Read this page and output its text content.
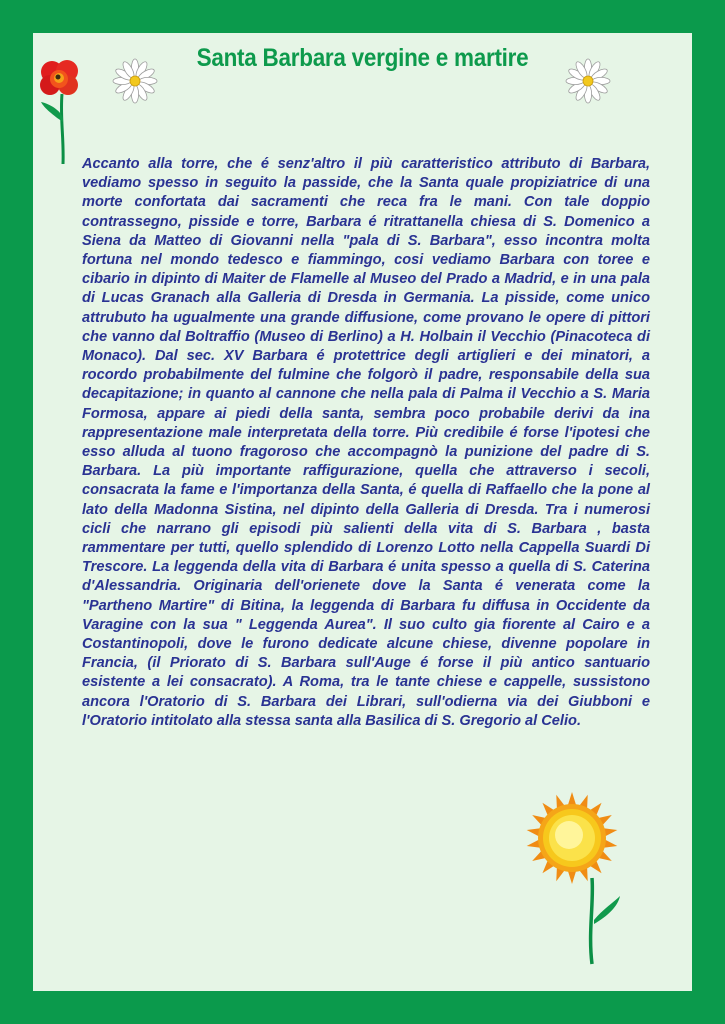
Santa Barbara vergine e martire

Accanto alla torre, che é senz'altro il più caratteristico attributo di Barbara, vediamo spesso in seguito la passide, che la Santa quale propiziatrice di una morte confortata dai sacramenti che reca fra le mani. Con tale doppio contrassegno, pisside e torre, Barbara é ritrattanella chiesa di S. Domenico a Siena da Matteo di Giovanni nella "pala di S. Barbara", esso incontra molta fortuna nel mondo tedesco e fiammingo, cosi vediamo Barbara con toree e cibario in dipinto di Maiter de Flamelle al Museo del Prado a Madrid, e in una pala di Lucas Granach alla Galleria di Dresda in Germania. La pisside, come unico attrubuto ha ugualmente una grande diffusione, come provano le opere di pittori che vanno dal Boltraffio (Museo di Berlino) a H. Holbain il Vecchio (Pinacoteca di Monaco). Dal sec. XV Barbara é protettrice degli artiglieri e dei minatori, a rocordo probabilmente del fulmine che folgorò il padre, responsabile della sua decapitazione; in quanto al cannone che nella pala di Palma il Vecchio a S. Maria Formosa, appare ai piedi della santa, sembra poco probabile derivi da ina rappresentazione male interpretata della torre. Più credibile é forse l'ipotesi che esso alluda al tuono fragoroso che accompagnò la punizione del padre di S. Barbara. La più importante raffigurazione, quella che attraverso i secoli, consacrata la fame e l'importanza della Santa, é quella di Raffaello che la pone al lato della Madonna Sistina, nel dipinto della Galleria di Dresda. Tra i numerosi cicli che narrano gli episodi più salienti della vita di S. Barbara , basta rammentare per tutti, quello splendido di Lorenzo Lotto nella Cappella Suardi Di Trescore. La leggenda della vita di Barbara é unita spesso a quella di S. Caterina d'Alessandria. Originaria dell'orienete dove la Santa é venerata come la "Partheno Martire" di Bitina, la leggenda di Barbara fu diffusa in Occidente da Varagine con la sua " Leggenda Aurea". Il suo culto gia fiorente al Cairo e a Costantinopoli, dove le furono dedicate alcune chiese, divenne popolare in Francia, (il Priorato di S. Barbara sull'Auge é forse il più antico santuario esistente a lei consacrato). A Roma, tra le tante chiese e cappelle, sussistono ancora l'Oratorio di S. Barbara dei Librari, sull'odierna via dei Giubboni e l'Oratorio intitolato alla stessa santa alla Basilica di S. Gregorio al Celio.
